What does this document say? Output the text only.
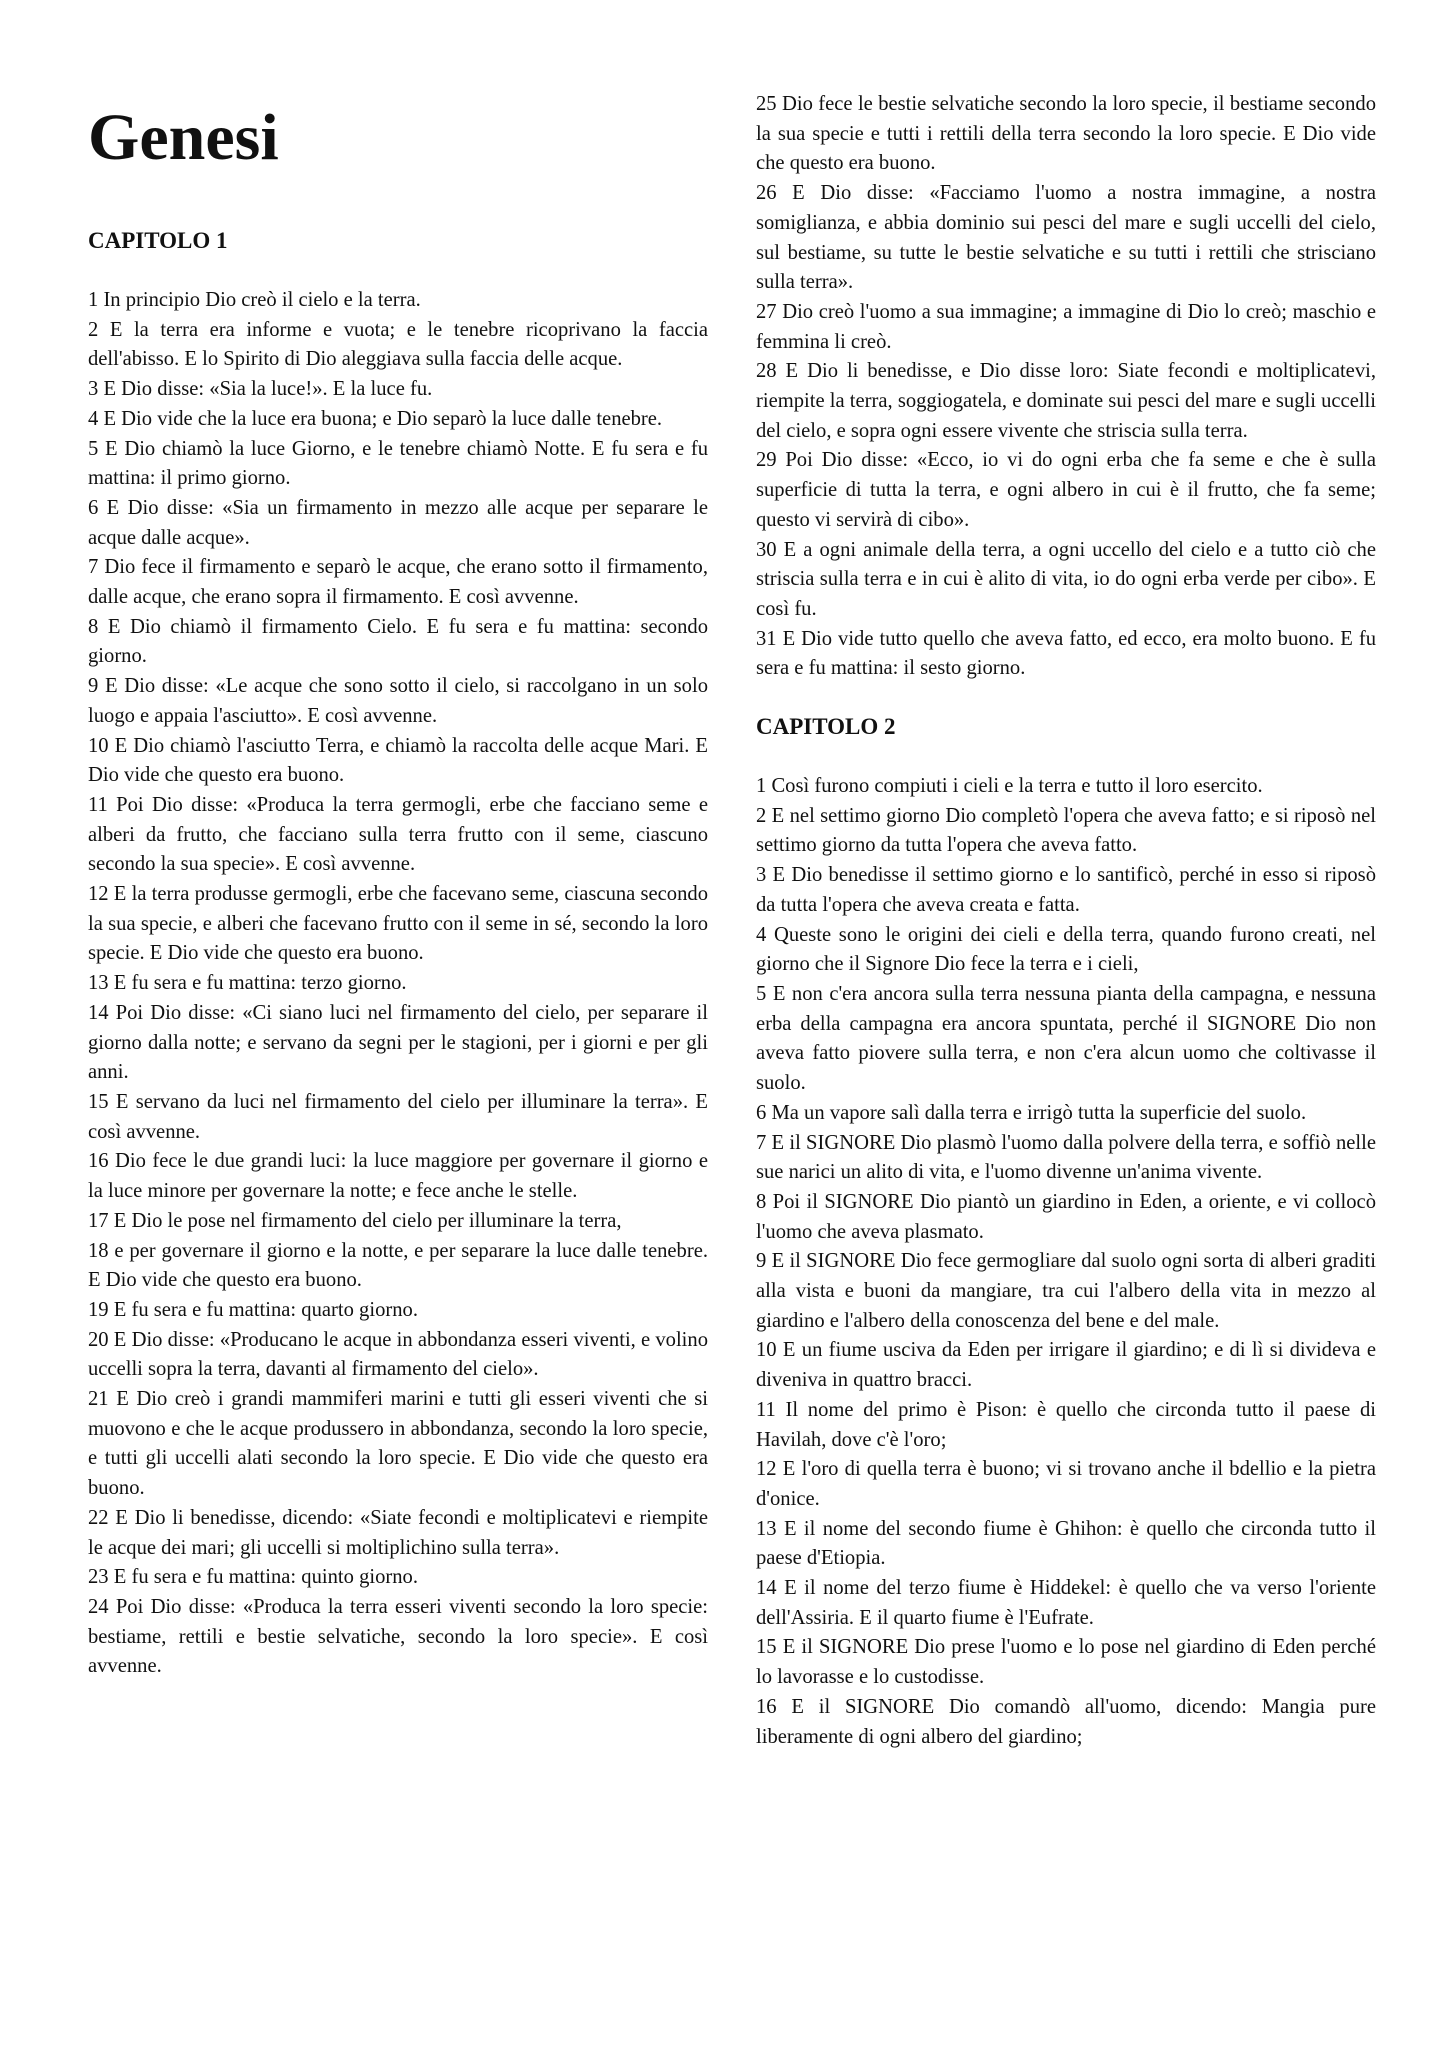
Genesi
CAPITOLO 1

1 In principio Dio creò il cielo e la terra.

2 E la terra era informe e vuota; e le tenebre ricoprivano la faccia dell'abisso. E lo Spirito di Dio aleggiava sulla faccia delle acque.

3 E Dio disse: «Sia la luce!». E la luce fu.

4 E Dio vide che la luce era buona; e Dio separò la luce dalle tenebre.

5 E Dio chiamò la luce Giorno, e le tenebre chiamò Notte. E fu sera e fu mattina: il primo giorno.

6 E Dio disse: «Sia un firmamento in mezzo alle acque per separare le acque dalle acque».

7 Dio fece il firmamento e separò le acque, che erano sotto il firmamento, dalle acque, che erano sopra il firmamento. E così avvenne.

8 E Dio chiamò il firmamento Cielo. E fu sera e fu mattina: secondo giorno.

9 E Dio disse: «Le acque che sono sotto il cielo, si raccolgano in un solo luogo e appaia l'asciutto». E così avvenne.

10 E Dio chiamò l'asciutto Terra, e chiamò la raccolta delle acque Mari. E Dio vide che questo era buono.

11 Poi Dio disse: «Produca la terra germogli, erbe che facciano seme e alberi da frutto, che facciano sulla terra frutto con il seme, ciascuno secondo la sua specie». E così avvenne.

12 E la terra produsse germogli, erbe che facevano seme, ciascuna secondo la sua specie, e alberi che facevano frutto con il seme in sé, secondo la loro specie. E Dio vide che questo era buono.

13 E fu sera e fu mattina: terzo giorno.

14 Poi Dio disse: «Ci siano luci nel firmamento del cielo, per separare il giorno dalla notte; e servano da segni per le stagioni, per i giorni e per gli anni.

15 E servano da luci nel firmamento del cielo per illuminare la terra». E così avvenne.

16 Dio fece le due grandi luci: la luce maggiore per governare il giorno e la luce minore per governare la notte; e fece anche le stelle.

17 E Dio le pose nel firmamento del cielo per illuminare la terra,

18 e per governare il giorno e la notte, e per separare la luce dalle tenebre. E Dio vide che questo era buono.

19 E fu sera e fu mattina: quarto giorno.

20 E Dio disse: «Producano le acque in abbondanza esseri viventi, e volino uccelli sopra la terra, davanti al firmamento del cielo».

21 E Dio creò i grandi mammiferi marini e tutti gli esseri viventi che si muovono e che le acque produssero in abbondanza, secondo la loro specie, e tutti gli uccelli alati secondo la loro specie. E Dio vide che questo era buono.

22 E Dio li benedisse, dicendo: «Siate fecondi e moltiplicatevi e riempite le acque dei mari; gli uccelli si moltiplichino sulla terra».

23 E fu sera e fu mattina: quinto giorno.

24 Poi Dio disse: «Produca la terra esseri viventi secondo la loro specie: bestiame, rettili e bestie selvatiche, secondo la loro specie». E così avvenne.

25 Dio fece le bestie selvatiche secondo la loro specie, il bestiame secondo la sua specie e tutti i rettili della terra secondo la loro specie. E Dio vide che questo era buono.

26 E Dio disse: «Facciamo l'uomo a nostra immagine, a nostra somiglianza, e abbia dominio sui pesci del mare e sugli uccelli del cielo, sul bestiame, su tutte le bestie selvatiche e su tutti i rettili che strisciano sulla terra».

27 Dio creò l'uomo a sua immagine; a immagine di Dio lo creò; maschio e femmina li creò.

28 E Dio li benedisse, e Dio disse loro: Siate fecondi e moltiplicatevi, riempite la terra, soggiogatela, e dominate sui pesci del mare e sugli uccelli del cielo, e sopra ogni essere vivente che striscia sulla terra.

29 Poi Dio disse: «Ecco, io vi do ogni erba che fa seme e che è sulla superficie di tutta la terra, e ogni albero in cui è il frutto, che fa seme; questo vi servirà di cibo».

30 E a ogni animale della terra, a ogni uccello del cielo e a tutto ciò che striscia sulla terra e in cui è alito di vita, io do ogni erba verde per cibo». E così fu.

31 E Dio vide tutto quello che aveva fatto, ed ecco, era molto buono. E fu sera e fu mattina: il sesto giorno.

CAPITOLO 2

1 Così furono compiuti i cieli e la terra e tutto il loro esercito.

2 E nel settimo giorno Dio completò l'opera che aveva fatto; e si riposò nel settimo giorno da tutta l'opera che aveva fatto.

3 E Dio benedisse il settimo giorno e lo santificò, perché in esso si riposò da tutta l'opera che aveva creata e fatta.

4 Queste sono le origini dei cieli e della terra, quando furono creati, nel giorno che il Signore Dio fece la terra e i cieli,

5 E non c'era ancora sulla terra nessuna pianta della campagna, e nessuna erba della campagna era ancora spuntata, perché il SIGNORE Dio non aveva fatto piovere sulla terra, e non c'era alcun uomo che coltivasse il suolo.

6 Ma un vapore salì dalla terra e irrigò tutta la superficie del suolo.

7 E il SIGNORE Dio plasmò l'uomo dalla polvere della terra, e soffiò nelle sue narici un alito di vita, e l'uomo divenne un'anima vivente.

8 Poi il SIGNORE Dio piantò un giardino in Eden, a oriente, e vi collocò l'uomo che aveva plasmato.

9 E il SIGNORE Dio fece germogliare dal suolo ogni sorta di alberi graditi alla vista e buoni da mangiare, tra cui l'albero della vita in mezzo al giardino e l'albero della conoscenza del bene e del male.

10 E un fiume usciva da Eden per irrigare il giardino; e di lì si divideva e diveniva in quattro bracci.

11 Il nome del primo è Pison: è quello che circonda tutto il paese di Havilah, dove c'è l'oro;

12 E l'oro di quella terra è buono; vi si trovano anche il bdellio e la pietra d'onice.

13 E il nome del secondo fiume è Ghihon: è quello che circonda tutto il paese d'Etiopia.

14 E il nome del terzo fiume è Hiddekel: è quello che va verso l'oriente dell'Assiria. E il quarto fiume è l'Eufrate.

15 E il SIGNORE Dio prese l'uomo e lo pose nel giardino di Eden perché lo lavorasse e lo custodisse.

16 E il SIGNORE Dio comandò all'uomo, dicendo: Mangia pure liberamente di ogni albero del giardino;
